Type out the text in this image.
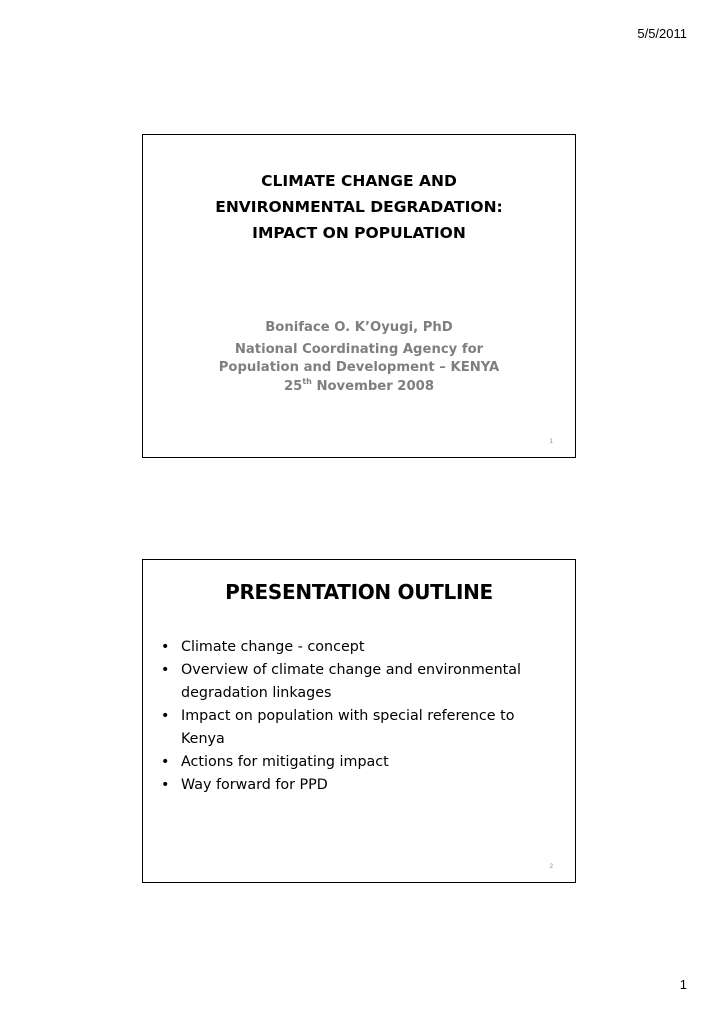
5/5/2011
CLIMATE CHANGE AND
ENVIRONMENTAL DEGRADATION:
IMPACT ON POPULATION
Boniface O. K’Oyugi, PhD
National Coordinating Agency for
Population and Development – KENYA
25th November 2008
1
PRESENTATION OUTLINE
• Climate change - concept
• Overview of climate change and environmental degradation linkages
• Impact on population with special reference to Kenya
• Actions for mitigating impact
• Way forward for PPD
2
1
